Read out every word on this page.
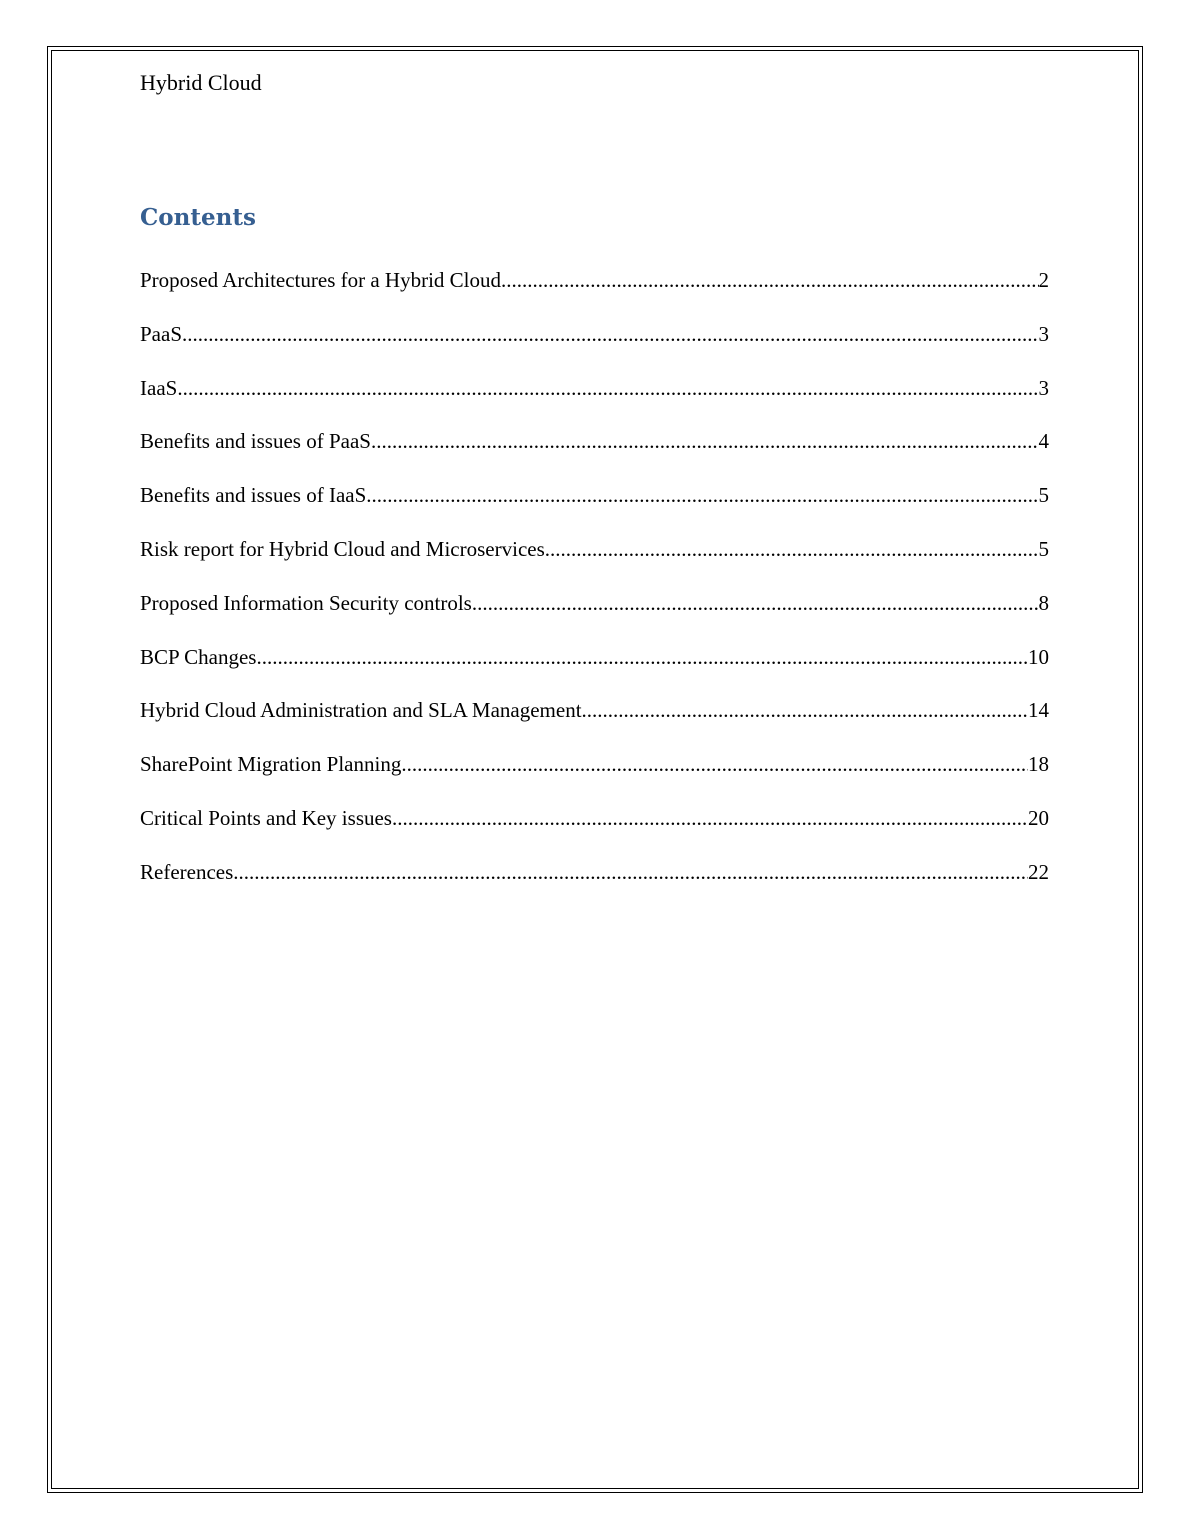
Hybrid Cloud
Contents
Proposed Architectures for a Hybrid Cloud .....	2
PaaS .....	3
IaaS .....	3
Benefits and issues of PaaS .....	4
Benefits and issues of IaaS .....	5
Risk report for Hybrid Cloud and Microservices .....	5
Proposed Information Security controls .....	8
BCP Changes .....	10
Hybrid Cloud Administration and SLA Management .....	14
SharePoint Migration Planning .....	18
Critical Points and Key issues .....	20
References .....	22
